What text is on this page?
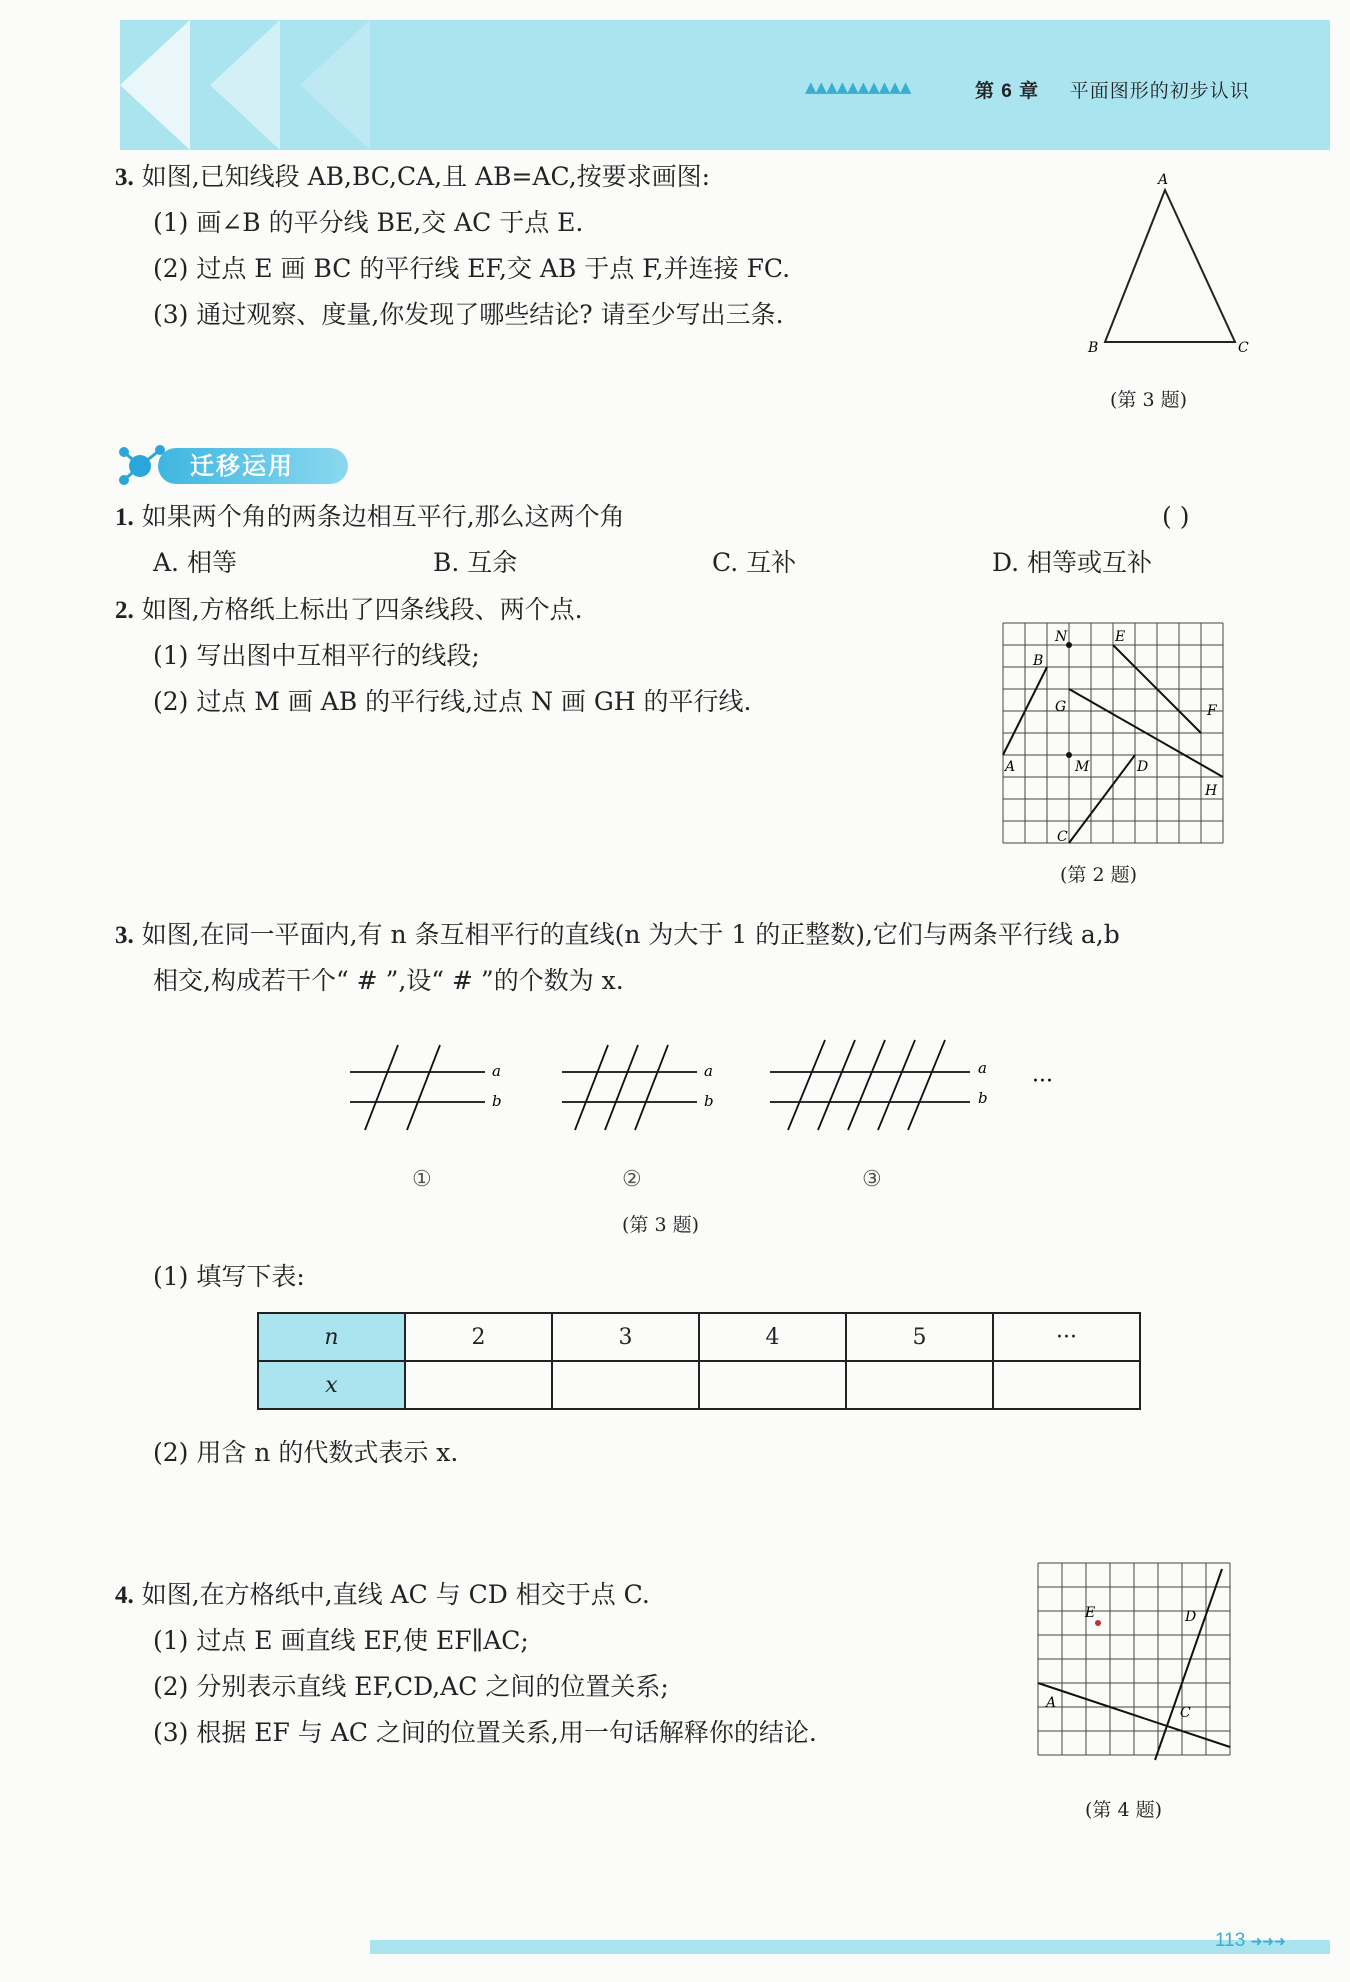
▲▲▲▲▲▲▲▲▲▲	第 6 章 平面图形的初步认识
3. 如图,已知线段 AB,BC,CA,且 AB=AC,按要求画图:
(1) 画∠B 的平分线 BE,交 AC 于点 E.
(2) 过点 E 画 BC 的平行线 EF,交 AB 于点 F,并连接 FC.
(3) 通过观察、度量,你发现了哪些结论? 请至少写出三条.
A
B	C
(第 3 题)
迁移运用
1. 如果两个角的两条边相互平行,那么这两个角	( )
A. 相等	B. 互余	C. 互补	D. 相等或互补
2. 如图,方格纸上标出了四条线段、两个点.
(1) 写出图中互相平行的线段;
(2) 过点 M 画 AB 的平行线,过点 N 画 GH 的平行线.
N	E
B
G	F
A	M	D
H
C
(第 2 题)
3. 如图,在同一平面内,有 n 条互相平行的直线(n 为大于 1 的正整数),它们与两条平行线 a,b
相交,构成若干个“ # ”,设“ # ”的个数为 x.
a
b
a
b
a
b
···
①	②	③
(第 3 题)
(1) 填写下表:
n	2	3	4	5	···
x					
(2) 用含 n 的代数式表示 x.
4. 如图,在方格纸中,直线 AC 与 CD 相交于点 C.
(1) 过点 E 画直线 EF,使 EF∥AC;
(2) 分别表示直线 EF,CD,AC 之间的位置关系;
(3) 根据 EF 与 AC 之间的位置关系,用一句话解释你的结论.
E	D
A
C
(第 4 题)
113 ➜➜➜
